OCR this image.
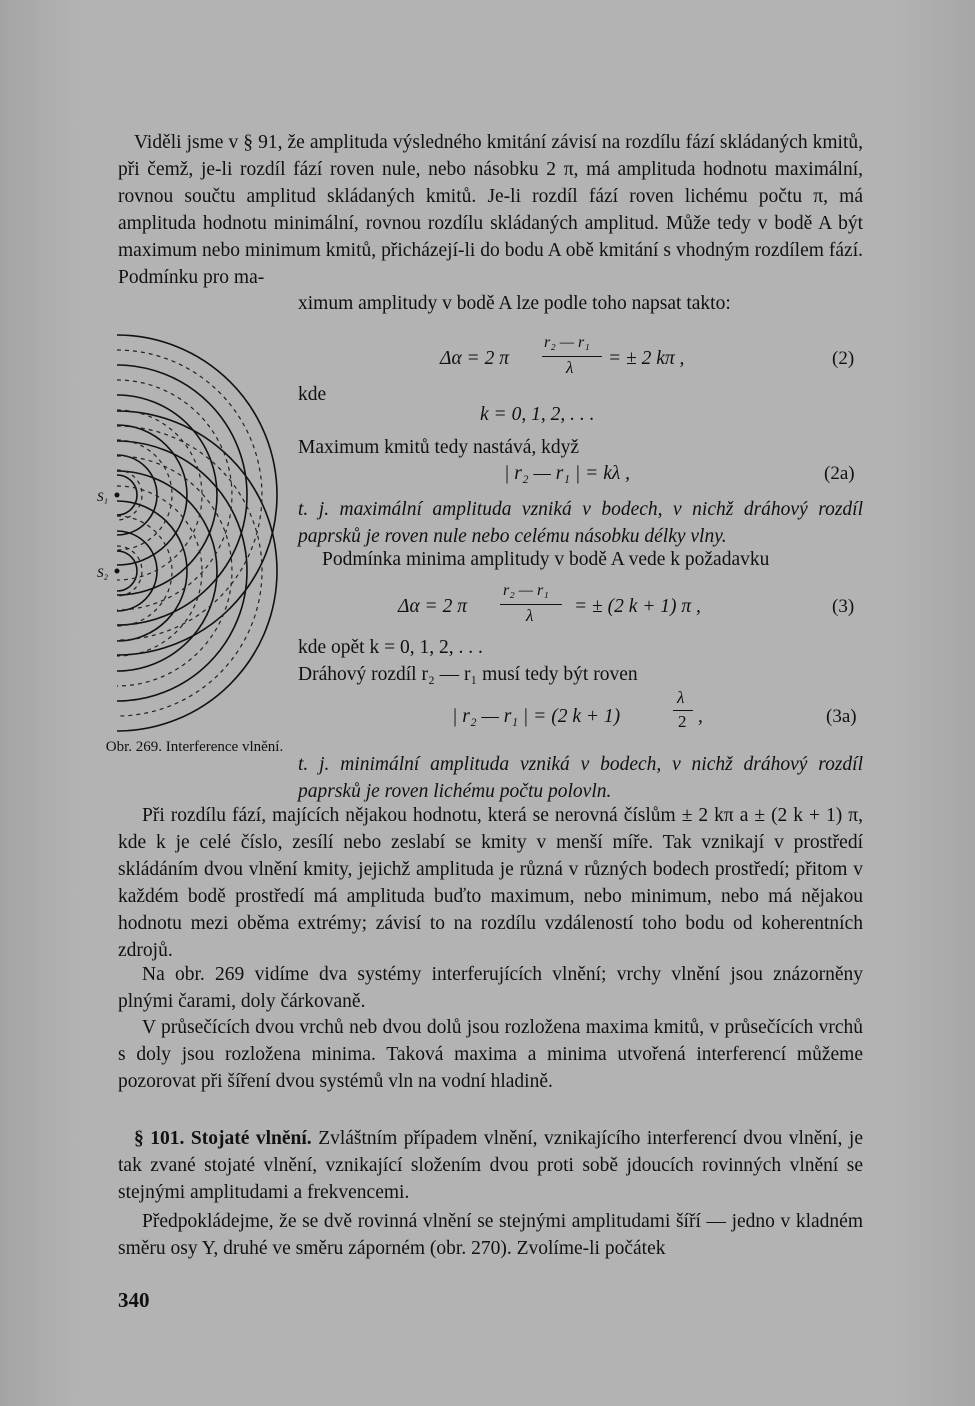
Viděli jsme v § 91, že amplituda výsledného kmitání závisí na rozdílu fází skládaných kmitů, při čemž, je-li rozdíl fází roven nule, nebo násobku 2 π, má amplituda hodnotu maximální, rovnou součtu amplitud skládaných kmitů. Je-li rozdíl fází roven lichému počtu π, má amplituda hodnotu minimální, rovnou rozdílu skládaných amplitud. Může tedy v bodě A být maximum nebo minimum kmitů, přicházejí-li do bodu A obě kmitání s vhodným rozdílem fází. Podmínku pro ma-

ximum amplitudy v bodě A lze podle toho napsat takto:

S₁
S₂
Obr. 269. Interference vlnění.
Δα = 2 π
r₂ — r₁
λ = ± 2 kπ ,	(2)
kde
k = 0, 1, 2, . . .
Maximum kmitů tedy nastává, když
| r₂ — r₁ | = kλ ,	(2a)

t. j. maximální amplituda vzniká v bodech, v nichž dráhový rozdíl paprsků je roven nule nebo celému násobku délky vlny.

Podmínka minima amplitudy v bodě A vede k požadavku

Δα = 2 π
r₂ — r₁
λ = ± (2 k + 1) π ,	(3)
kde opět k = 0, 1, 2, . . .
Dráhový rozdíl r₂ — r₁ musí tedy být roven
| r₂ — r₁ | = (2 k + 1)
λ
2 ,	(3a)

t. j. minimální amplituda vzniká v bodech, v nichž dráhový rozdíl paprsků je roven lichému počtu polovln.

Při rozdílu fází, majících nějakou hodnotu, která se nerovná číslům ± 2 kπ a ± (2 k + 1) π, kde k je celé číslo, zesílí nebo zeslabí se kmity v menší míře. Tak vznikají v prostředí skládáním dvou vlnění kmity, jejichž amplituda je různá v různých bodech prostředí; přitom v každém bodě prostředí má amplituda buďto maximum, nebo minimum, nebo má nějakou hodnotu mezi oběma extrémy; závisí to na rozdílu vzdáleností toho bodu od koherentních zdrojů.

Na obr. 269 vidíme dva systémy interferujících vlnění; vrchy vlnění jsou znázorněny plnými čarami, doly čárkovaně.

V průsečících dvou vrchů neb dvou dolů jsou rozložena maxima kmitů, v průsečících vrchů s doly jsou rozložena minima. Taková maxima a minima utvořená interferencí můžeme pozorovat při šíření dvou systémů vln na vodní hladině.

§ 101. Stojaté vlnění. Zvláštním případem vlnění, vznikajícího interferencí dvou vlnění, je tak zvané stojaté vlnění, vznikající složením dvou proti sobě jdoucích rovinných vlnění se stejnými amplitudami a frekvencemi.

Předpokládejme, že se dvě rovinná vlnění se stejnými amplitudami šíří — jedno v kladném směru osy Y, druhé ve směru záporném (obr. 270). Zvolíme-li počátek

340
